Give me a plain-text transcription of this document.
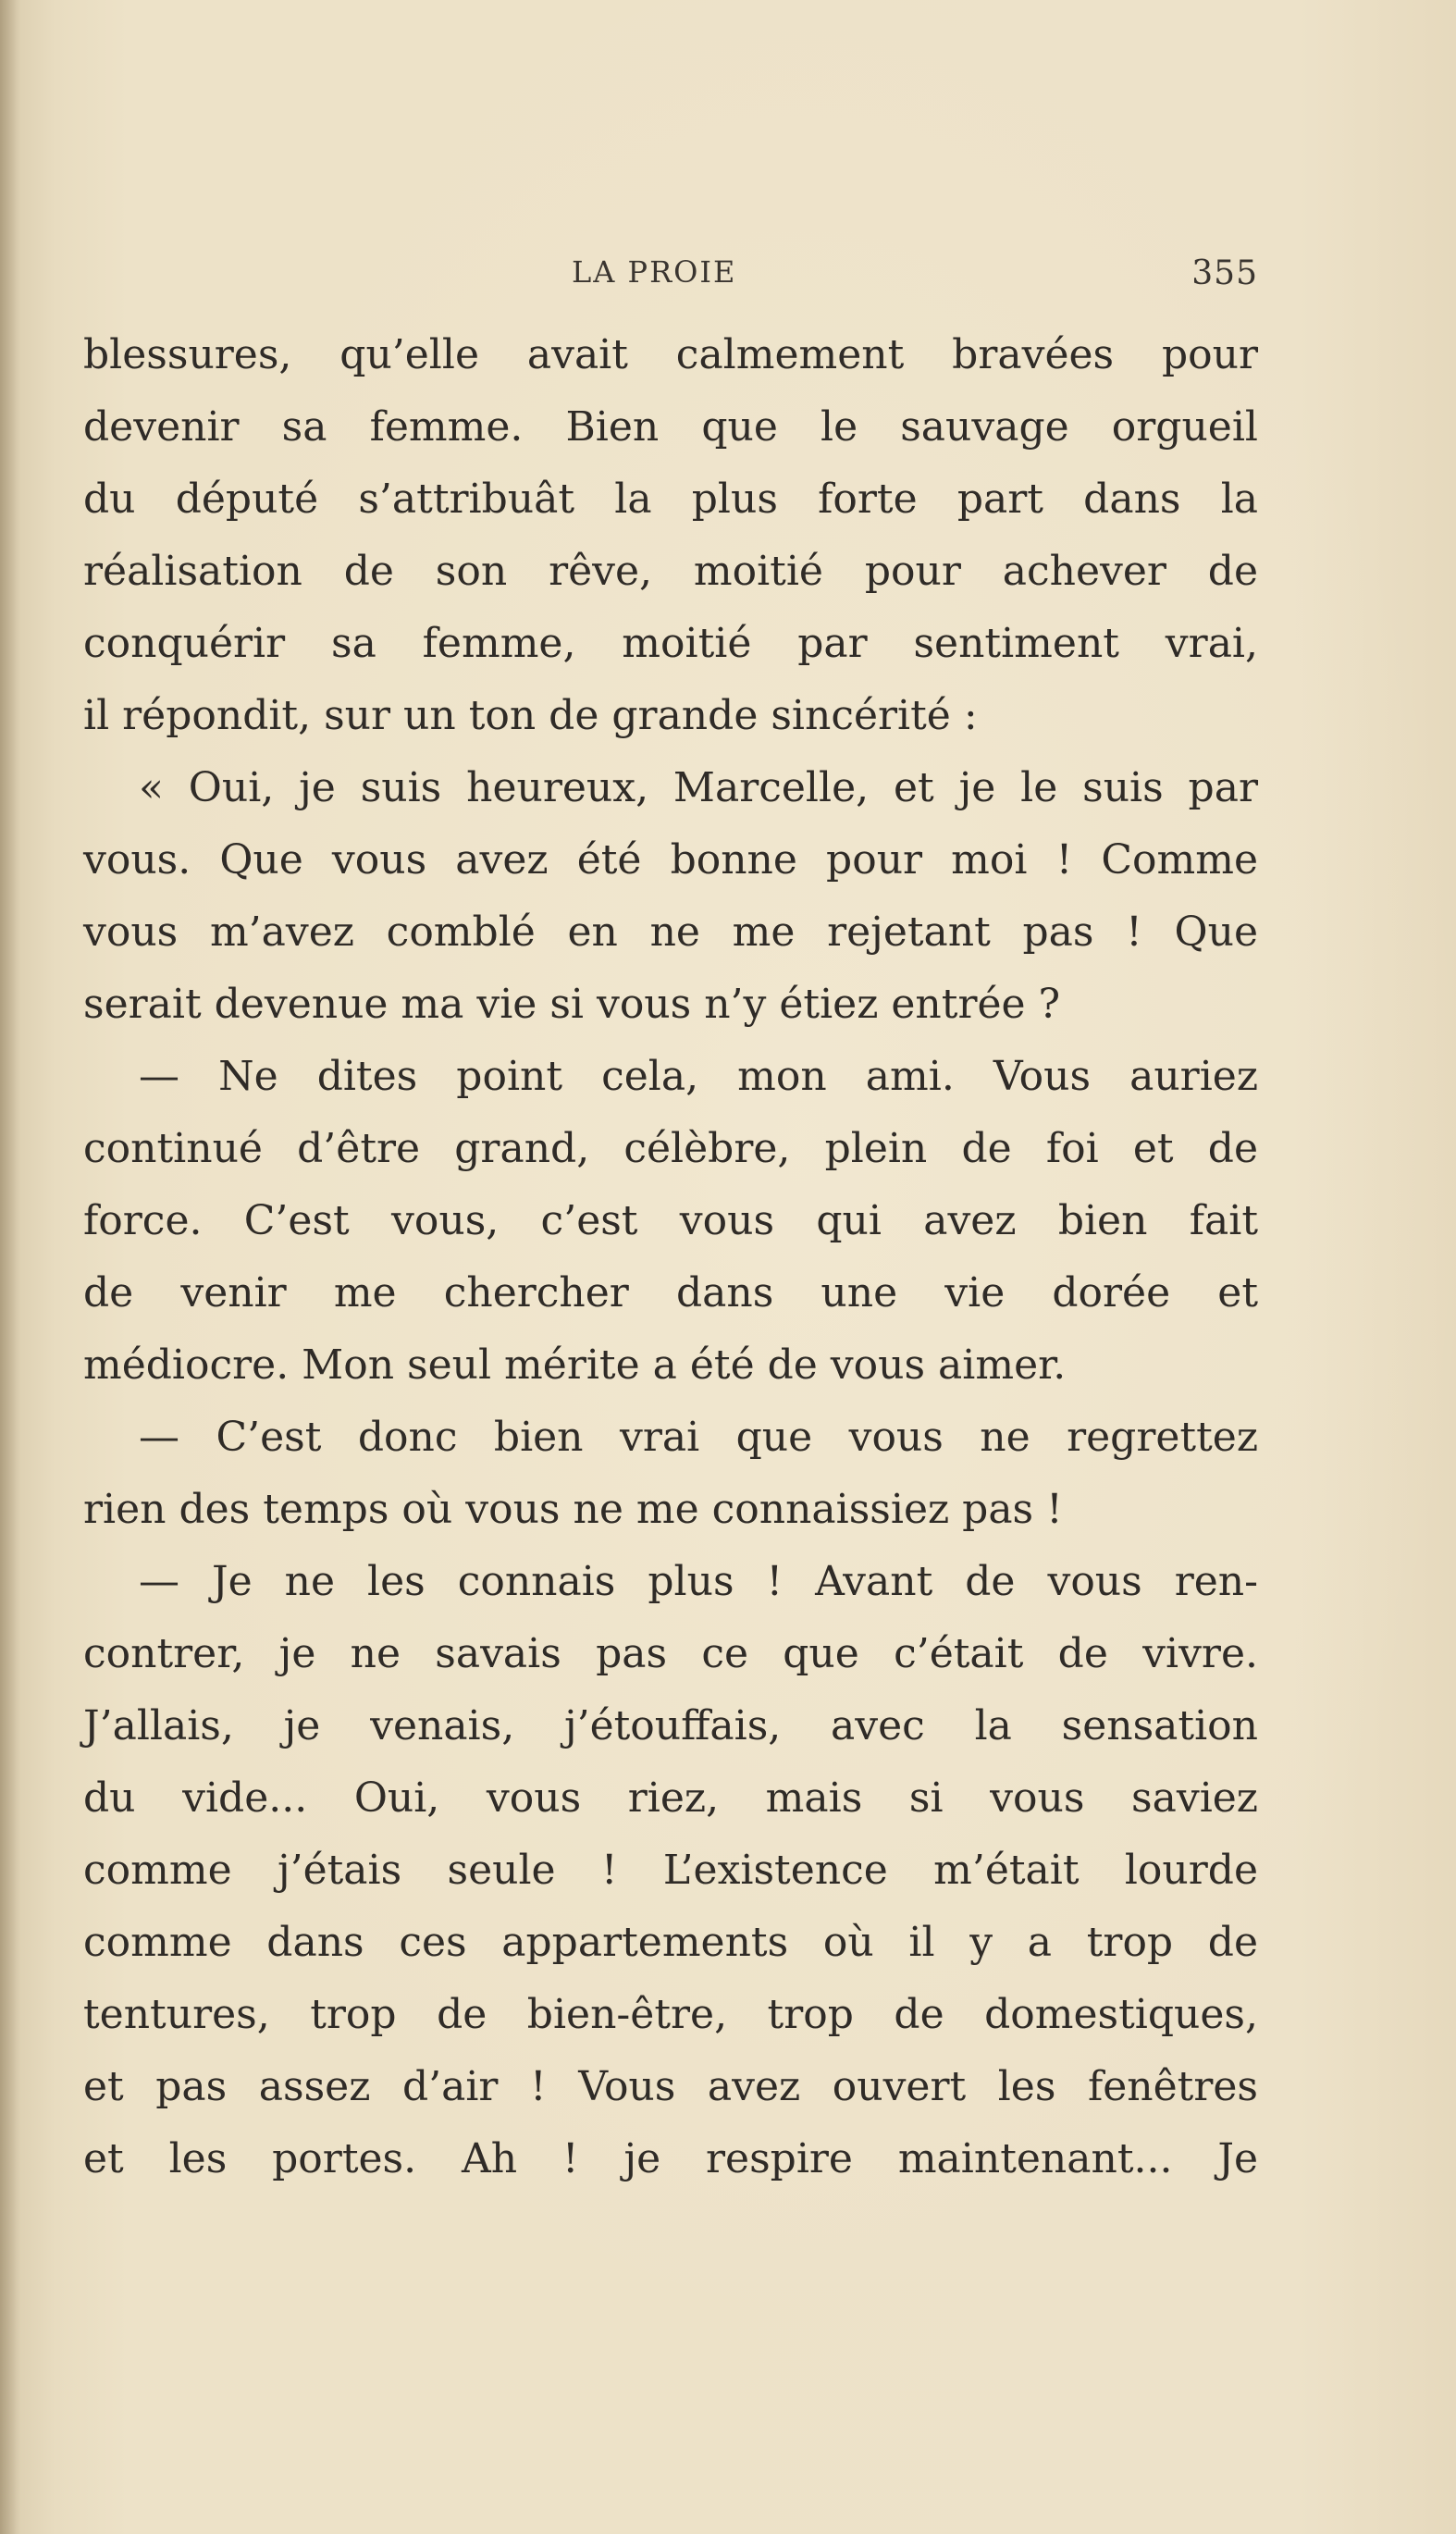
LA PROIE	355
blessures, qu’elle avait calmement bravées pour
devenir sa femme. Bien que le sauvage orgueil
du député s’attribuât la plus forte part dans la
réalisation de son rêve, moitié pour achever de
conquérir sa femme, moitié par sentiment vrai,
il répondit, sur un ton de grande sincérité :
« Oui, je suis heureux, Marcelle, et je le suis par
vous. Que vous avez été bonne pour moi ! Comme
vous m’avez comblé en ne me rejetant pas ! Que
serait devenue ma vie si vous n’y étiez entrée ?
— Ne dites point cela, mon ami. Vous auriez
continué d’être grand, célèbre, plein de foi et de
force. C’est vous, c’est vous qui avez bien fait
de venir me chercher dans une vie dorée et
médiocre. Mon seul mérite a été de vous aimer.
— C’est donc bien vrai que vous ne regrettez
rien des temps où vous ne me connaissiez pas !
— Je ne les connais plus ! Avant de vous ren-
contrer, je ne savais pas ce que c’était de vivre.
J’allais, je venais, j’étouffais, avec la sensation
du vide... Oui, vous riez, mais si vous saviez
comme j’étais seule ! L’existence m’était lourde
comme dans ces appartements où il y a trop de
tentures, trop de bien-être, trop de domestiques,
et pas assez d’air ! Vous avez ouvert les fenêtres
et les portes. Ah ! je respire maintenant... Je
